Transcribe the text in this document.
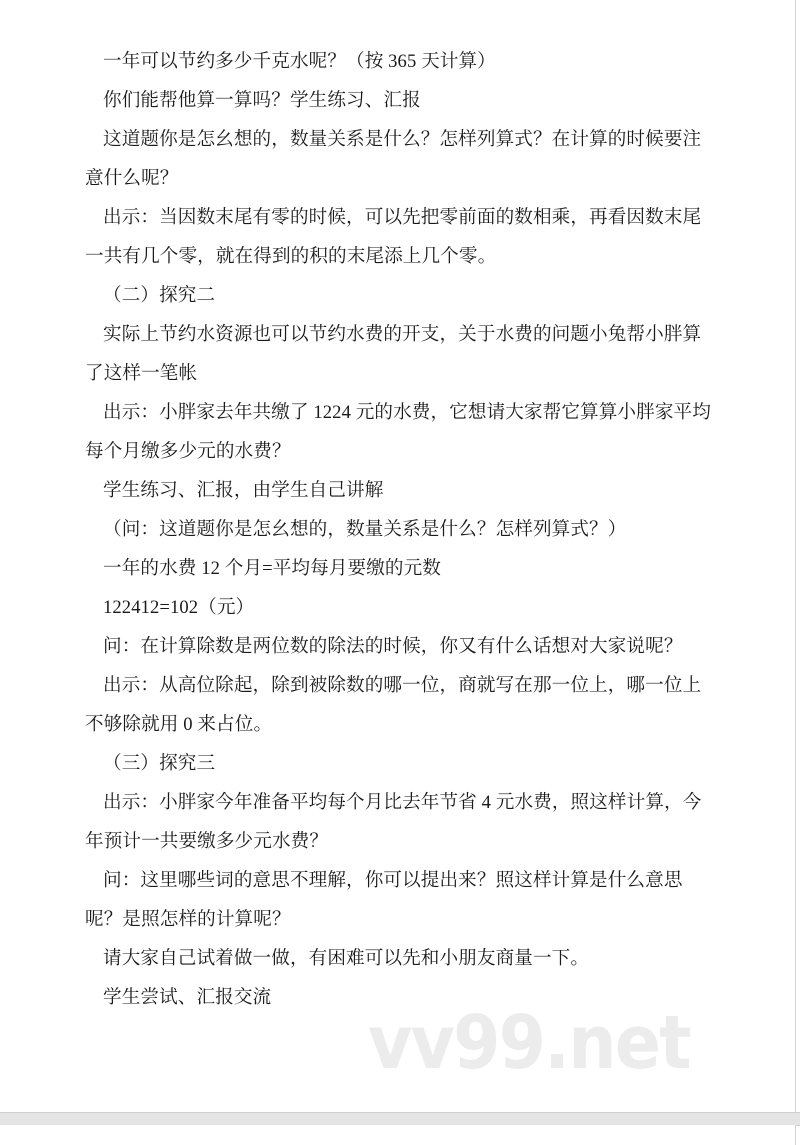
一年可以节约多少千克水呢？（按 365 天计算）
你们能帮他算一算吗？学生练习、汇报
这道题你是怎幺想的，数量关系是什么？怎样列算式？在计算的时候要注
意什么呢？
出示：当因数末尾有零的时候，可以先把零前面的数相乘，再看因数末尾
一共有几个零，就在得到的积的末尾添上几个零。
（二）探究二
实际上节约水资源也可以节约水费的开支，关于水费的问题小兔帮小胖算
了这样一笔帐
出示：小胖家去年共缴了 1224 元的水费，它想请大家帮它算算小胖家平均
每个月缴多少元的水费？
学生练习、汇报，由学生自己讲解
（问：这道题你是怎幺想的，数量关系是什么？怎样列算式？）
一年的水费 12 个月=平均每月要缴的元数
122412=102（元）
问：在计算除数是两位数的除法的时候，你又有什么话想对大家说呢？
出示：从高位除起，除到被除数的哪一位，商就写在那一位上，哪一位上
不够除就用 0 来占位。
（三）探究三
出示：小胖家今年准备平均每个月比去年节省 4 元水费，照这样计算，今
年预计一共要缴多少元水费？
问：这里哪些词的意思不理解，你可以提出来？照这样计算是什么意思
呢？是照怎样的计算呢？
请大家自己试着做一做，有困难可以先和小朋友商量一下。
学生尝试、汇报交流
vv99.net
